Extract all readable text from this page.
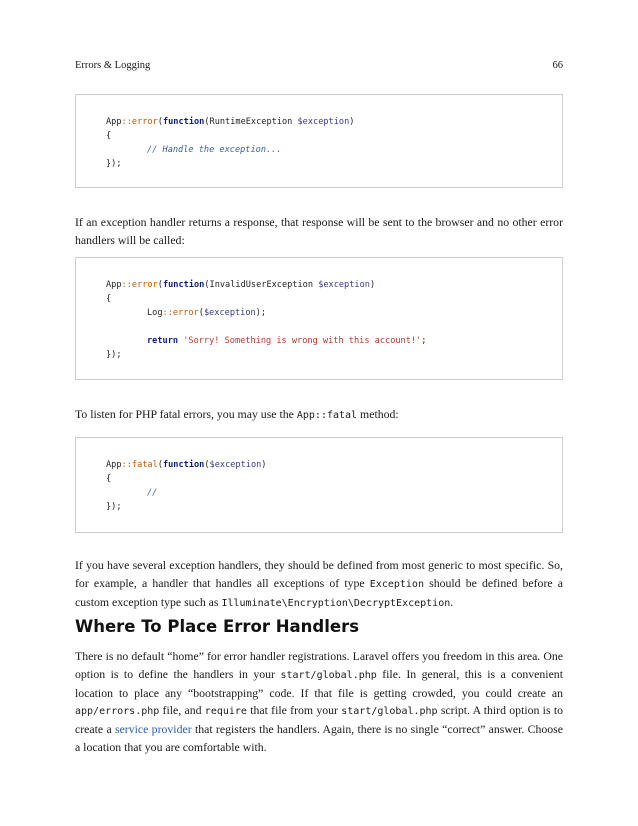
Errors & Logging	66
App::error(function(RuntimeException $exception)
{
// Handle the exception...
});

If an exception handler returns a response, that response will be sent to the browser and no other error handlers will be called:

App::error(function(InvalidUserException $exception)
{
Log::error($exception);
return 'Sorry! Something is wrong with this account!';
});

To listen for PHP fatal errors, you may use the App::fatal method:

App::fatal(function($exception)
{
//
});

If you have several exception handlers, they should be defined from most generic to most specific. So, for example, a handler that handles all exceptions of type Exception should be defined before a custom exception type such as Illuminate\Encryption\DecryptException.

Where To Place Error Handlers

There is no default “home” for error handler registrations. Laravel offers you freedom in this area. One option is to define the handlers in your start/global.php file. In general, this is a convenient location to place any “bootstrapping” code. If that file is getting crowded, you could create an app/errors.php file, and require that file from your start/global.php script. A third option is to create a service provider that registers the handlers. Again, there is no single “correct” answer. Choose a location that you are comfortable with.
